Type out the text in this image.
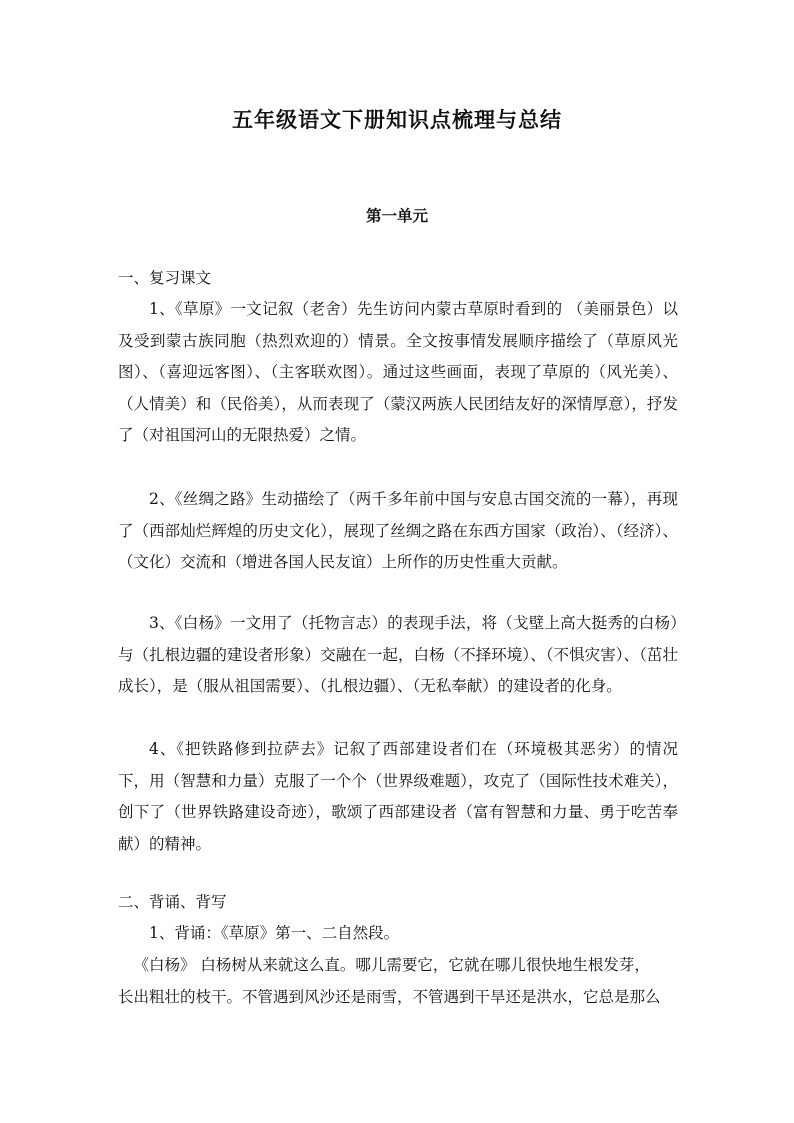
五年级语文下册知识点梳理与总结
第一单元
一、复习课文

1、《草原》一文记叙（老舍）先生访问内蒙古草原时看到的 （美丽景色）以及受到蒙古族同胞（热烈欢迎的）情景。全文按事情发展顺序描绘了（草原风光图）、（喜迎远客图）、（主客联欢图）。通过这些画面，表现了草原的（风光美）、（人情美）和（民俗美），从而表现了（蒙汉两族人民团结友好的深情厚意），抒发了（对祖国河山的无限热爱）之情。

2、《丝绸之路》生动描绘了（两千多年前中国与安息古国交流的一幕），再现了（西部灿烂辉煌的历史文化），展现了丝绸之路在东西方国家（政治）、（经济）、（文化）交流和（增进各国人民友谊）上所作的历史性重大贡献。

3、《白杨》一文用了（托物言志）的表现手法，将（戈壁上高大挺秀的白杨）与（扎根边疆的建设者形象）交融在一起，白杨（不择环境）、（不惧灾害）、（茁壮成长），是（服从祖国需要）、（扎根边疆）、（无私奉献）的建设者的化身。

4、《把铁路修到拉萨去》记叙了西部建设者们在（环境极其恶劣）的情况下，用（智慧和力量）克服了一个个（世界级难题），攻克了（国际性技术难关），创下了（世界铁路建设奇迹），歌颂了西部建设者（富有智慧和力量、勇于吃苦奉献）的精神。

二、背诵、背写

1、背诵：《草原》第一、二自然段。

《白杨》 白杨树从来就这么直。哪儿需要它，它就在哪儿很快地生根发芽，

长出粗壮的枝干。不管遇到风沙还是雨雪，不管遇到干旱还是洪水，它总是那么
